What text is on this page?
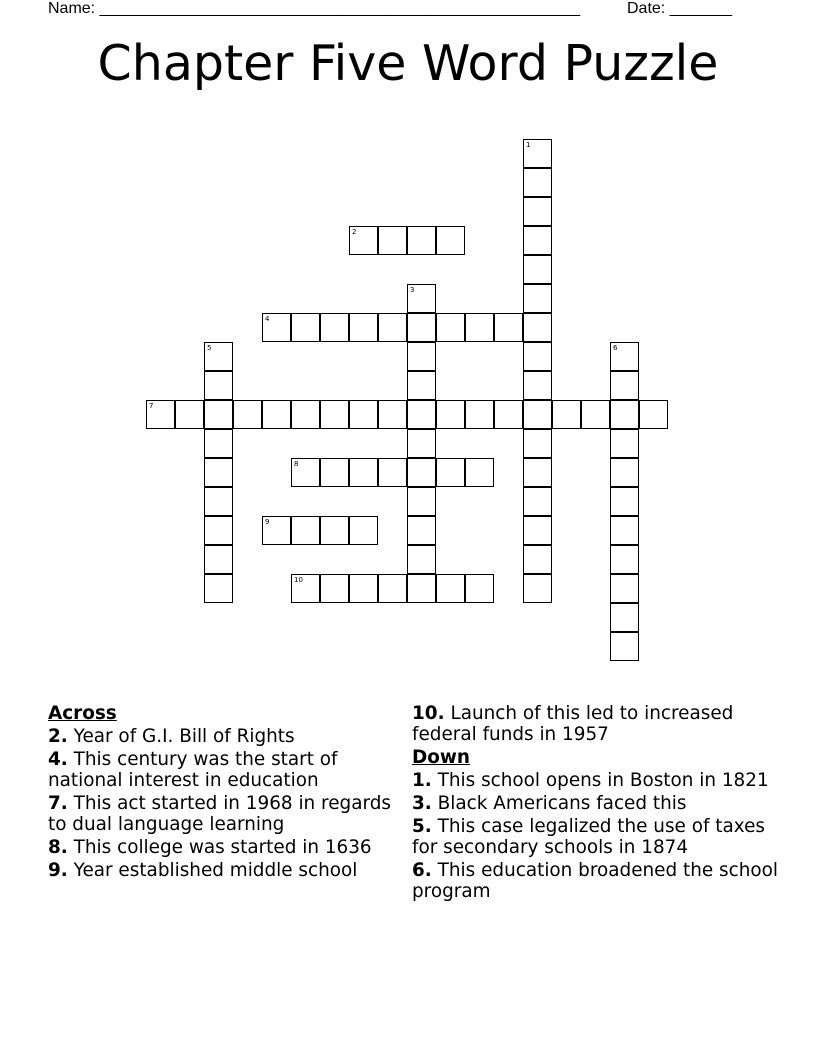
Name: ______________________________________________________	Date: _______
Chapter Five Word Puzzle
1
2
3
4
5	6
7
8
9
10
Across
2. Year of G.I. Bill of Rights
4. This century was the start of national interest in education
7. This act started in 1968 in regards to dual language learning
8. This college was started in 1636
9. Year established middle school
10. Launch of this led to increased federal funds in 1957
Down
1. This school opens in Boston in 1821
3. Black Americans faced this
5. This case legalized the use of taxes for secondary schools in 1874
6. This education broadened the school program
